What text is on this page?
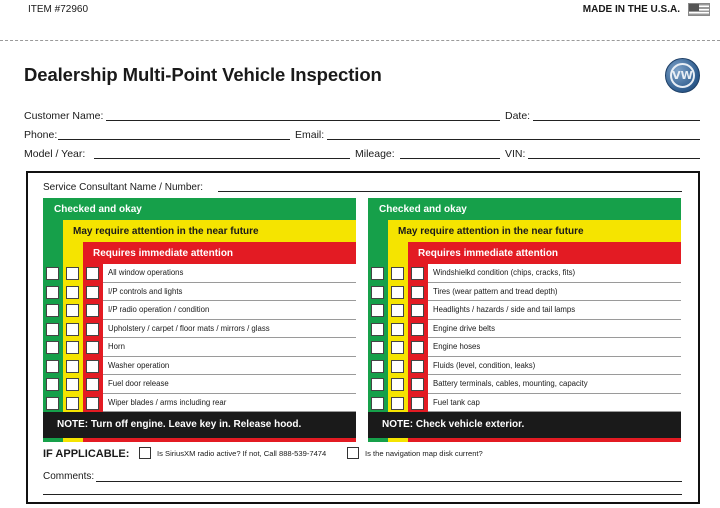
ITEM #72960	MADE IN THE U.S.A.
Dealership Multi-Point Vehicle Inspection	VW
Customer Name:	Date:
Phone:	Email:
Model / Year:	Mileage:	VIN:
Service Consultant Name / Number:
Checked and okay
May require attention in the near future
Requires immediate attention
All window operations
I/P controls and lights
I/P radio operation / condition
Upholstery / carpet / floor mats / mirrors / glass
Horn
Washer operation
Fuel door release
Wiper blades / arms including rear
NOTE: Turn off engine. Leave key in. Release hood.
Checked and okay
May require attention in the near future
Requires immediate attention
Windshielkd condition (chips, cracks, fits)
Tires (wear pattern and tread depth)
Headlights / hazards / side and tail lamps
Engine drive belts
Engine hoses
Fluids (level, condition, leaks)
Battery terminals, cables, mounting, capacity
Fuel tank cap
NOTE: Check vehicle exterior.
IF APPLICABLE:	Is SiriusXM radio active? If not, Call 888-539-7474	Is the navigation map disk current?
Comments:
